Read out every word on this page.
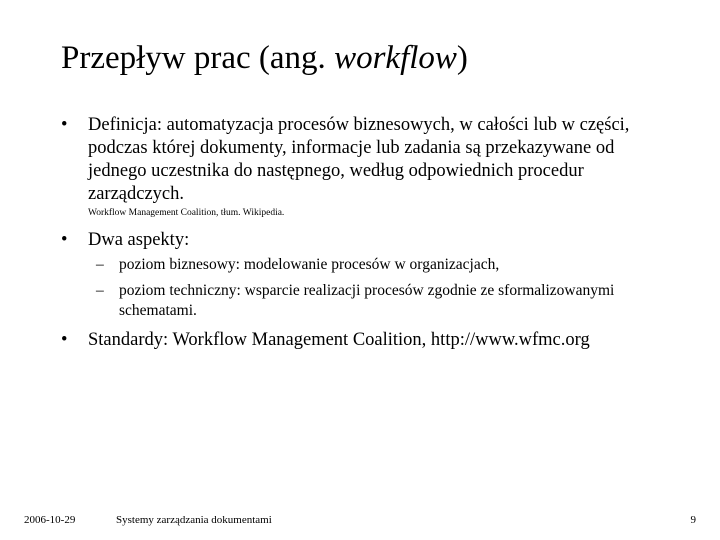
Przepływ prac (ang. workflow)
• Definicja: automatyzacja procesów biznesowych, w całości lub w części, podczas której dokumenty, informacje lub zadania są przekazywane od jednego uczestnika do następnego, według odpowiednich procedur zarządczych.
Workflow Management Coalition, tłum. Wikipedia.
• Dwa aspekty:
– poziom biznesowy: modelowanie procesów w organizacjach,
– poziom techniczny: wsparcie realizacji procesów zgodnie ze sformalizowanymi schematami.
• Standardy: Workflow Management Coalition, http://www.wfmc.org
2006-10-29	Systemy zarządzania dokumentami	9
